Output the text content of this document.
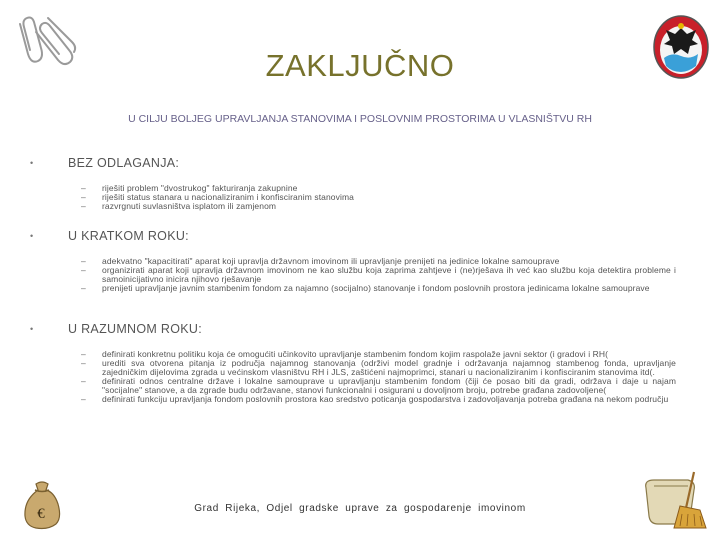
ZAKLJUČNO
U CILJU BOLJEG UPRAVLJANJA STANOVIMA I POSLOVNIM PROSTORIMA U VLASNIŠTVU RH
•	BEZ ODLAGANJA:
–	riješiti problem "dvostrukog" fakturiranja zakupnine
–	riješiti status stanara u nacionaliziranim i konfisciranim stanovima
–	razvrgnuti suvlasništva isplatom ili zamjenom
•	U KRATKOM ROKU:
–	adekvatno "kapacitirati" aparat koji upravlja državnom imovinom ili upravljanje prenijeti na jedinice lokalne samouprave
–	organizirati aparat koji upravlja državnom imovinom ne kao službu koja zaprima zahtjeve i (ne)rješava ih već kao službu koja detektira probleme i samoinicijativno inicira njihovo rješavanje
–	prenijeti upravljanje javnim stambenim fondom za najamno (socijalno) stanovanje i fondom poslovnih prostora jedinicama lokalne samouprave
•	U RAZUMNOM ROKU:
–	definirati konkretnu politiku koja će omogućiti učinkovito upravljanje stambenim fondom kojim raspolaže javni sektor (i gradovi i RH(
–	urediti sva otvorena pitanja iz područja najamnog stanovanja (održivi model gradnje i održavanja najamnog stambenog fonda, upravljanje zajedničkim dijelovima zgrada u većinskom vlasništvu RH i JLS, zaštićeni najmoprimci, stanari u nacionaliziranim i konfisciranim stanovima itd(.
–	definirati odnos centralne države i lokalne samouprave u upravljanju stambenim fondom (čiji će posao biti da gradi, održava i daje u najam "socijalne" stanove, a da zgrade budu održavane, stanovi funkcionalni i osigurani u dovoljnom broju, potrebe građana zadovoljene(
–	definirati funkciju upravljanja fondom poslovnih prostora kao sredstvo poticanja gospodarstva i zadovoljavanja potreba građana na nekom području
€	Grad Rijeka, Odjel gradske uprave za gospodarenje imovinom
